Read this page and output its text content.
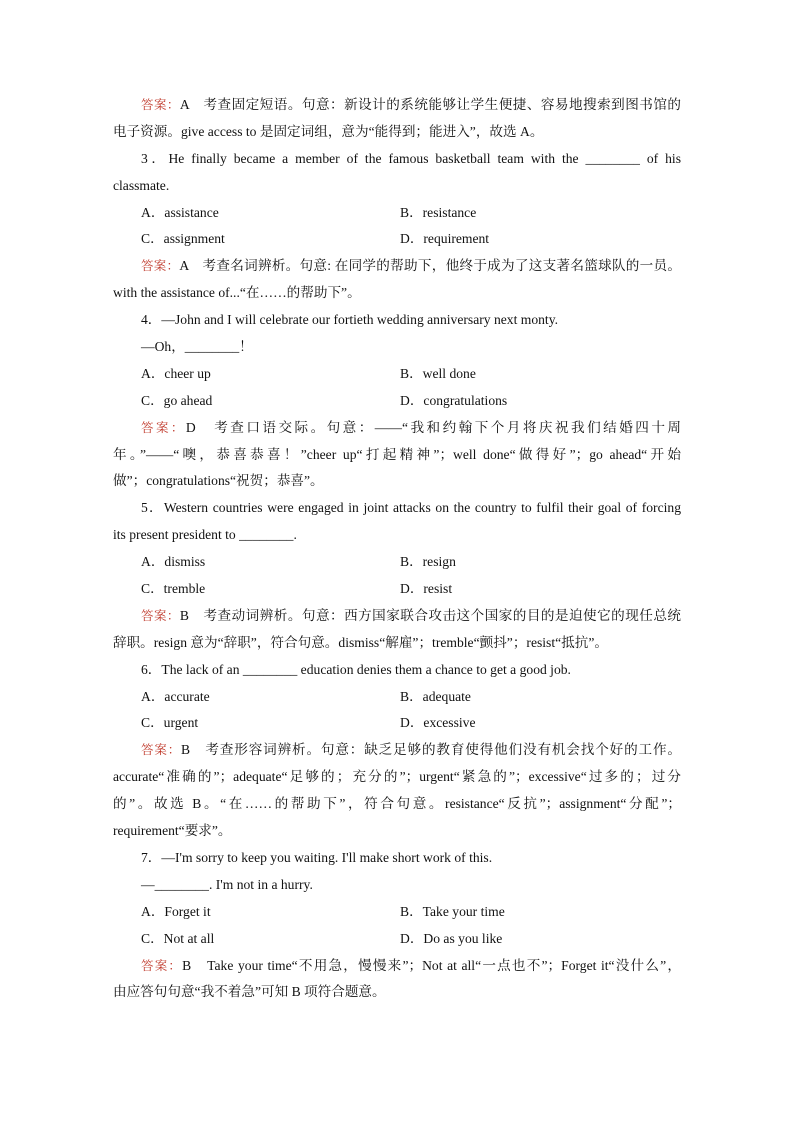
答案：A　考查固定短语。句意：新设计的系统能够让学生便捷、容易地搜索到图书馆的
电子资源。give access to 是固定词组，意为“能得到；能进入”，故选 A。
3．He finally became a member of the famous basketball team with the ________ of his
classmate.
A．assistance	B．resistance
C．assignment	D．requirement
答案：A　考查名词辨析。句意: 在同学的帮助下，他终于成为了这支著名篮球队的一员。
with the assistance of...“在……的帮助下”。
4．—John and I will celebrate our fortieth wedding anniversary next monty.
—Oh，________！
A．cheer up	B．well done
C．go ahead	D．congratulations
答案：D　考查口语交际。句意：——“我和约翰下个月将庆祝我们结婚四十周
年。”——“噢，恭喜恭喜！”cheer up“打起精神”；well done“做得好”；go ahead“开始
做”；congratulations“祝贺；恭喜”。
5．Western countries were engaged in joint attacks on the country to fulfil their goal of forcing
its present president to ________.
A．dismiss	B．resign
C．tremble	D．resist
答案：B　考查动词辨析。句意：西方国家联合攻击这个国家的目的是迫使它的现任总统
辞职。resign 意为“辞职”，符合句意。dismiss“解雇”；tremble“颤抖”；resist“抵抗”。
6．The lack of an ________ education denies them a chance to get a good job.
A．accurate	B．adequate
C．urgent	D．excessive
答案：B　考查形容词辨析。句意：缺乏足够的教育使得他们没有机会找个好的工作。
accurate“准确的”；adequate“足够的；充分的”；urgent“紧急的”；excessive“过多的；过分
的”。故选 B。“在……的帮助下”，符合句意。resistance“反抗”；assignment“分配”；
requirement“要求”。
7．—I'm sorry to keep you waiting. I'll make short work of this.
—________. I'm not in a hurry.
A．Forget it	B．Take your time
C．Not at all	D．Do as you like
答案：B　Take your time“不用急，慢慢来”；Not at all“一点也不”；Forget it“没什么”，
由应答句句意“我不着急”可知 B 项符合题意。
